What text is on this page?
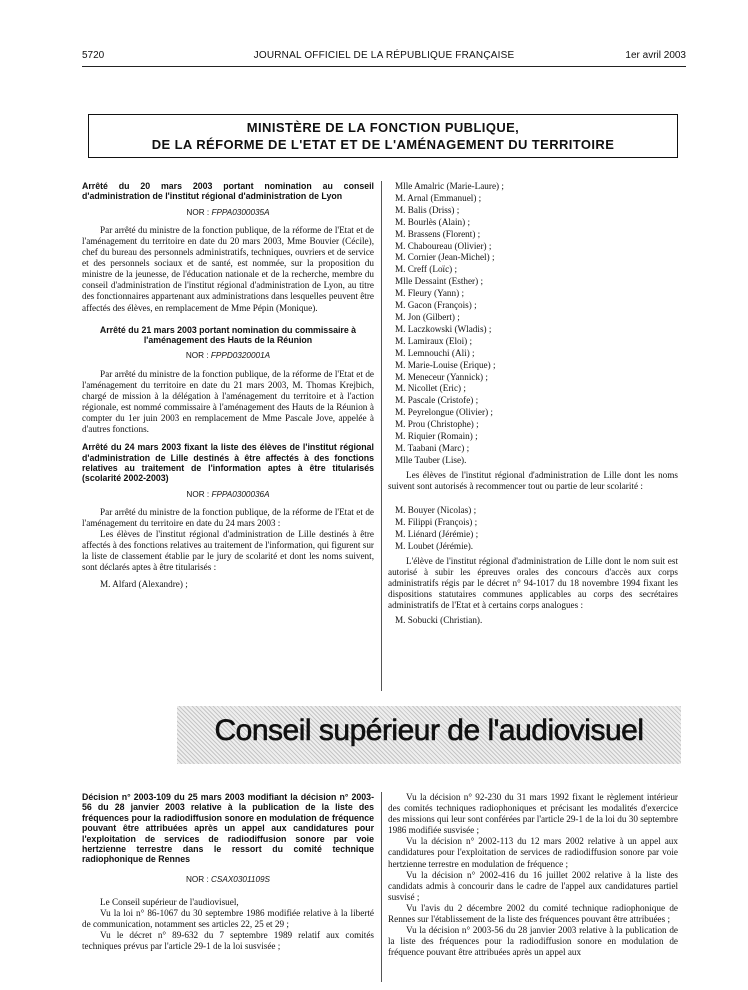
5720	JOURNAL OFFICIEL DE LA RÉPUBLIQUE FRANÇAISE	1er avril 2003
MINISTÈRE DE LA FONCTION PUBLIQUE,
DE LA RÉFORME DE L'ETAT ET DE L'AMÉNAGEMENT DU TERRITOIRE
Arrêté du 20 mars 2003 portant nomination au conseil d'administration de l'institut régional d'administration de Lyon
NOR : FPPA0300035A

Par arrêté du ministre de la fonction publique, de la réforme de l'Etat et de l'aménagement du territoire en date du 20 mars 2003, Mme Bouvier (Cécile), chef du bureau des personnels administratifs, techniques, ouvriers et de service et des personnels sociaux et de santé, est nommée, sur la proposition du ministre de la jeunesse, de l'éducation nationale et de la recherche, membre du conseil d'administration de l'institut régional d'administration de Lyon, au titre des fonctionnaires appartenant aux administrations dans lesquelles peuvent être affectés des élèves, en remplacement de Mme Pépin (Monique).

Arrêté du 21 mars 2003 portant nomination du commissaire à l'aménagement des Hauts de la Réunion
NOR : FPPD0320001A

Par arrêté du ministre de la fonction publique, de la réforme de l'Etat et de l'aménagement du territoire en date du 21 mars 2003, M. Thomas Krejbich, chargé de mission à la délégation à l'aménagement du territoire et à l'action régionale, est nommé commissaire à l'aménagement des Hauts de la Réunion à compter du 1er juin 2003 en remplacement de Mme Pascale Jove, appelée à d'autres fonctions.

Arrêté du 24 mars 2003 fixant la liste des élèves de l'institut régional d'administration de Lille destinés à être affectés à des fonctions relatives au traitement de l'information aptes à être titularisés (scolarité 2002-2003)
NOR : FPPA0300036A

Par arrêté du ministre de la fonction publique, de la réforme de l'Etat et de l'aménagement du territoire en date du 24 mars 2003 :

Les élèves de l'institut régional d'administration de Lille destinés à être affectés à des fonctions relatives au traitement de l'information, qui figurent sur la liste de classement établie par le jury de scolarité et dont les noms suivent, sont déclarés aptes à être titularisés :

M. Alfard (Alexandre) ;

Mlle Amalric (Marie-Laure) ;

M. Arnal (Emmanuel) ;

M. Balis (Driss) ;

M. Bourlès (Alain) ;

M. Brassens (Florent) ;

M. Chaboureau (Olivier) ;

M. Cornier (Jean-Michel) ;

M. Creff (Loïc) ;

Mlle Dessaint (Esther) ;

M. Fleury (Yann) ;

M. Gacon (François) ;

M. Jon (Gilbert) ;

M. Laczkowski (Wladis) ;

M. Lamiraux (Eloi) ;

M. Lemnouchi (Ali) ;

M. Marie-Louise (Erique) ;

M. Meneceur (Yannick) ;

M. Nicollet (Eric) ;

M. Pascale (Cristofe) ;

M. Peyrelongue (Olivier) ;

M. Prou (Christophe) ;

M. Riquier (Romain) ;

M. Taabani (Marc) ;

Mlle Tauber (Lise).

Les élèves de l'institut régional d'administration de Lille dont les noms suivent sont autorisés à recommencer tout ou partie de leur scolarité :

M. Bouyer (Nicolas) ;

M. Filippi (François) ;

M. Liénard (Jérémie) ;

M. Loubet (Jérémie).

L'élève de l'institut régional d'administration de Lille dont le nom suit est autorisé à subir les épreuves orales des concours d'accès aux corps administratifs régis par le décret n° 94-1017 du 18 novembre 1994 fixant les dispositions statutaires communes applicables au corps des secrétaires administratifs de l'Etat et à certains corps analogues :

M. Sobucki (Christian).

Conseil supérieur de l'audiovisuel
Décision n° 2003-109 du 25 mars 2003 modifiant la décision n° 2003-56 du 28 janvier 2003 relative à la publication de la liste des fréquences pour la radiodiffusion sonore en modulation de fréquence pouvant être attribuées après un appel aux candidatures pour l'exploitation de services de radiodiffusion sonore par voie hertzienne terrestre dans le ressort du comité technique radiophonique de Rennes
NOR : CSAX0301109S

Le Conseil supérieur de l'audiovisuel,

Vu la loi n° 86-1067 du 30 septembre 1986 modifiée relative à la liberté de communication, notamment ses articles 22, 25 et 29 ;

Vu le décret n° 89-632 du 7 septembre 1989 relatif aux comités techniques prévus par l'article 29-1 de la loi susvisée ;

Vu la décision n° 92-230 du 31 mars 1992 fixant le règlement intérieur des comités techniques radiophoniques et précisant les modalités d'exercice des missions qui leur sont conférées par l'article 29-1 de la loi du 30 septembre 1986 modifiée susvisée ;

Vu la décision n° 2002-113 du 12 mars 2002 relative à un appel aux candidatures pour l'exploitation de services de radiodiffusion sonore par voie hertzienne terrestre en modulation de fréquence ;

Vu la décision n° 2002-416 du 16 juillet 2002 relative à la liste des candidats admis à concourir dans le cadre de l'appel aux candidatures partiel susvisé ;

Vu l'avis du 2 décembre 2002 du comité technique radiophonique de Rennes sur l'établissement de la liste des fréquences pouvant être attribuées ;

Vu la décision n° 2003-56 du 28 janvier 2003 relative à la publication de la liste des fréquences pour la radiodiffusion sonore en modulation de fréquence pouvant être attribuées après un appel aux
